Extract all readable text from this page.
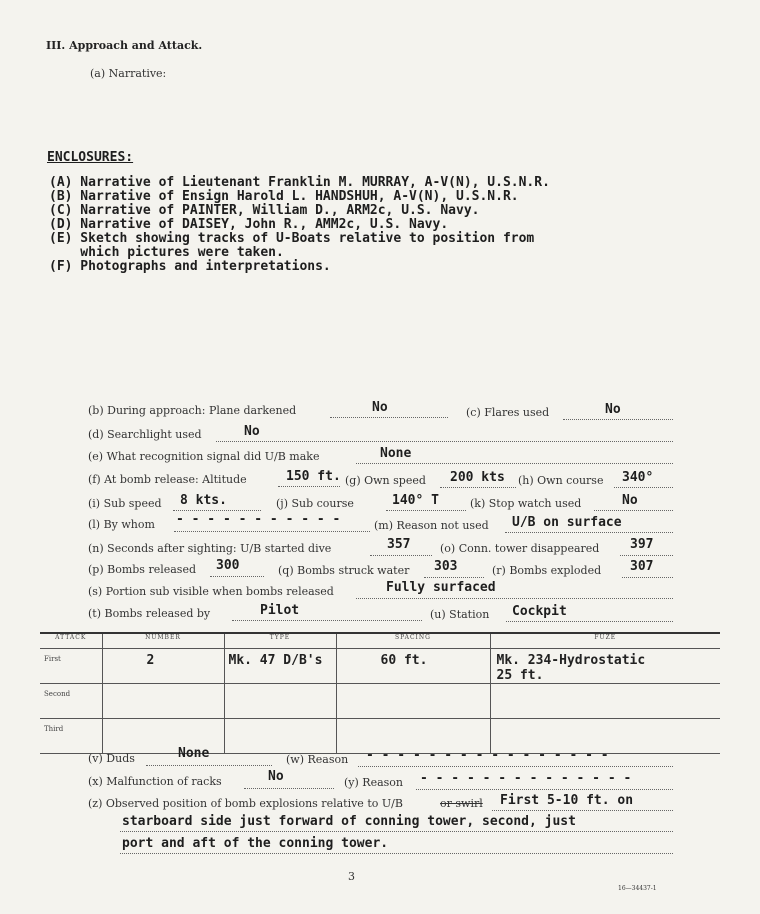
III. Approach and Attack.
(a) Narrative:
ENCLOSURES:
(A) Narrative of Lieutenant Franklin M. MURRAY, A-V(N), U.S.N.R.
(B) Narrative of Ensign Harold L. HANDSHUH, A-V(N), U.S.N.R.
(C) Narrative of PAINTER, William D., ARM2c, U.S. Navy.
(D) Narrative of DAISEY, John R., AMM2c, U.S. Navy.
(E) Sketch showing tracks of U-Boats relative to position from
which pictures were taken.
(F) Photographs and interpretations.
(b) During approach: Plane darkened	No	(c) Flares used	No
(d) Searchlight used	No
(e) What recognition signal did U/B make	None
(f) At bomb release: Altitude	150 ft. (g) Own speed 200 kts (h) Own course 340°
(i) Sub speed 8 kts.	(j) Sub course	140° T	(k) Stop watch used	No
(l) By whom - - - - - - - - - - -	(m) Reason not used U/B on surface
(n) Seconds after sighting: U/B started dive	357	(o) Conn. tower disappeared 397
(p) Bombs released 300	(q) Bombs struck water 303	(r) Bombs exploded 307
(s) Portion sub visible when bombs released	Fully surfaced
(t) Bombs released by	Pilot	(u) Station Cockpit
ATTACK	NUMBER	TYPE	SPACING	FUZE
First	2	Mk. 47 D/B's	60 ft.	Mk. 234-Hydrostatic
25 ft.

Second				
Third				
(v) Duds	None	(w) Reason - - - - - - - - - - - - - - - -
(x) Malfunction of racks	No	(y) Reason - - - - - - - - - - - - - -
(z) Observed position of bomb explosions relative to U/B	or swirl First 5-10 ft. on
starboard side just forward of conning tower, second, just
port and aft of the conning tower.
3
16—34437-1
